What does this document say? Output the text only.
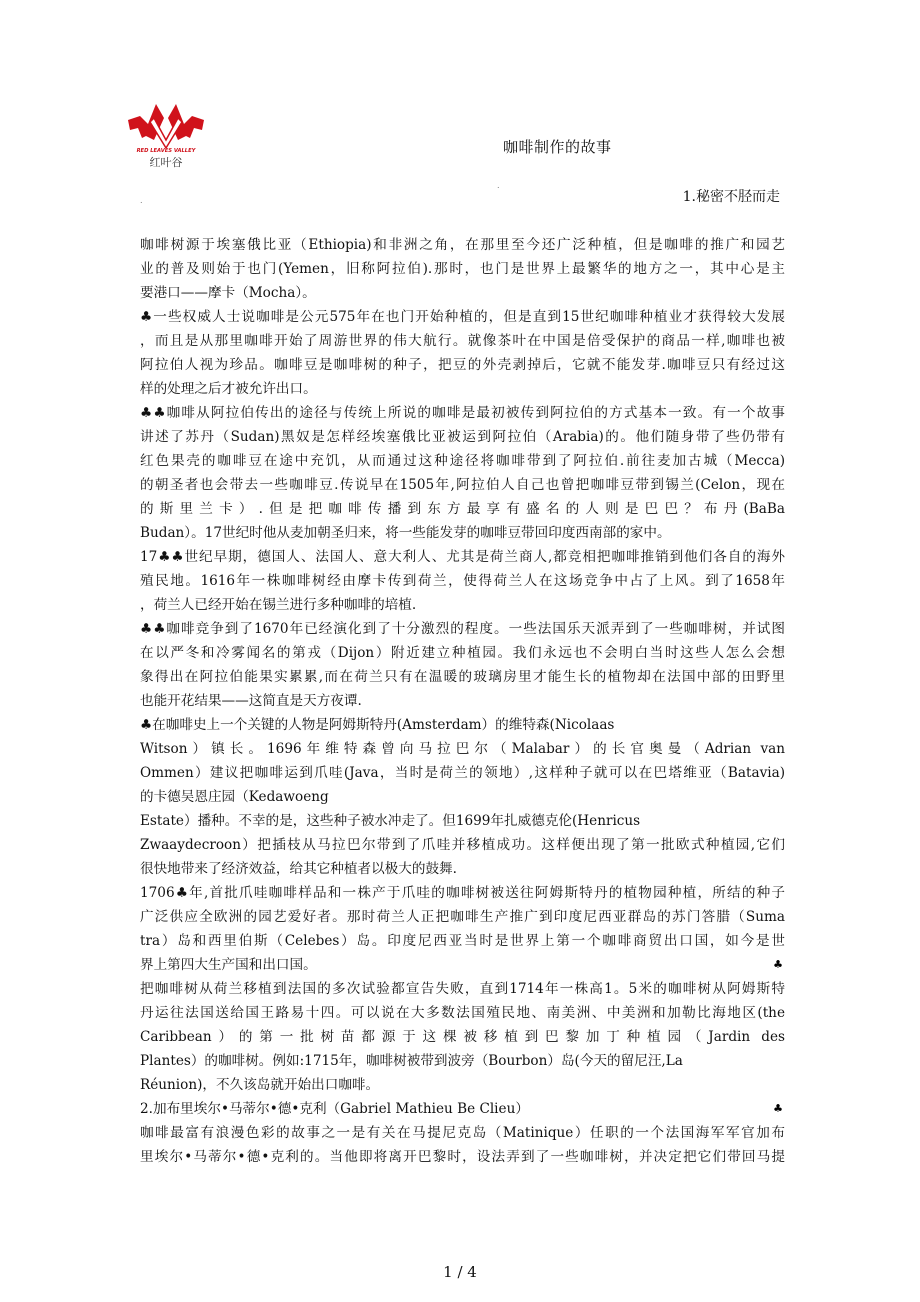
RED LEAVES VALLEY
红叶谷
咖啡制作的故事
.
.	1.秘密不胫而走
咖啡树源于埃塞俄比亚（Ethiopia)和非洲之角，在那里至今还广泛种植，但是咖啡的推广和园艺
业的普及则始于也门(Yemen，旧称阿拉伯).那时，也门是世界上最繁华的地方之一，其中心是主
要港口——摩卡（Mocha）。
♣一些权威人士说咖啡是公元575年在也门开始种植的，但是直到15世纪咖啡种植业才获得较大发展
，而且是从那里咖啡开始了周游世界的伟大航行。就像茶叶在中国是倍受保护的商品一样,咖啡也被
阿拉伯人视为珍品。咖啡豆是咖啡树的种子，把豆的外壳剥掉后，它就不能发芽.咖啡豆只有经过这
样的处理之后才被允许出口。
♣♣咖啡从阿拉伯传出的途径与传统上所说的咖啡是最初被传到阿拉伯的方式基本一致。有一个故事
讲述了苏丹（Sudan)黑奴是怎样经埃塞俄比亚被运到阿拉伯（Arabia)的。他们随身带了些仍带有
红色果壳的咖啡豆在途中充饥，从而通过这种途径将咖啡带到了阿拉伯.前往麦加古城（Mecca)
的朝圣者也会带去一些咖啡豆.传说早在1505年,阿拉伯人自己也曾把咖啡豆带到锡兰(Celon，现在
的斯里兰卡）.但是把咖啡传播到东方最享有盛名的人则是巴巴？布丹(BaBa
Budan）。17世纪时他从麦加朝圣归来，将一些能发芽的咖啡豆带回印度西南部的家中。
17♣♣世纪早期，德国人、法国人、意大利人、尤其是荷兰商人,都竞相把咖啡推销到他们各自的海外
殖民地。1616年一株咖啡树经由摩卡传到荷兰，使得荷兰人在这场竞争中占了上风。到了1658年
，荷兰人已经开始在锡兰进行多种咖啡的培植.
♣♣咖啡竞争到了1670年已经演化到了十分激烈的程度。一些法国乐天派弄到了一些咖啡树，并试图
在以严冬和冷雾闻名的第戎（Dijon）附近建立种植园。我们永远也不会明白当时这些人怎么会想
象得出在阿拉伯能果实累累,而在荷兰只有在温暖的玻璃房里才能生长的植物却在法国中部的田野里
也能开花结果——这简直是天方夜谭.
♣在咖啡史上一个关键的人物是阿姆斯特丹(Amsterdam）的维特森(Nicolaas
Witson）镇长。1696年维特森曾向马拉巴尔（Malabar）的长官奥曼（Adrian van
Ommen）建议把咖啡运到爪哇(Java，当时是荷兰的领地）,这样种子就可以在巴塔维亚（Batavia)
的卡德吴恩庄园（Kedawoeng
Estate）播种。不幸的是，这些种子被水冲走了。但1699年扎威德克伦(Henricus
Zwaaydecroon）把插枝从马拉巴尔带到了爪哇并移植成功。这样便出现了第一批欧式种植园,它们
很快地带来了经济效益，给其它种植者以极大的鼓舞.
1706♣年,首批爪哇咖啡样品和一株产于爪哇的咖啡树被送往阿姆斯特丹的植物园种植，所结的种子
广泛供应全欧洲的园艺爱好者。那时荷兰人正把咖啡生产推广到印度尼西亚群岛的苏门答腊（Suma
tra）岛和西里伯斯（Celebes）岛。印度尼西亚当时是世界上第一个咖啡商贸出口国，如今是世
界上第四大生产国和出口国。	♣
把咖啡树从荷兰移植到法国的多次试验都宣告失败，直到1714年一株高1。5米的咖啡树从阿姆斯特
丹运往法国送给国王路易十四。可以说在大多数法国殖民地、南美洲、中美洲和加勒比海地区(the
Caribbean）的第一批树苗都源于这棵被移植到巴黎加丁种植园（Jardin des
Plantes）的咖啡树。例如:1715年，咖啡树被带到波旁（Bourbon）岛(今天的留尼汪,La
Réunion)，不久该岛就开始出口咖啡。
2.加布里埃尔•马蒂尔•德•克利（Gabriel Mathieu Be Clieu）	♣
咖啡最富有浪漫色彩的故事之一是有关在马提尼克岛（Matinique）任职的一个法国海军军官加布
里埃尔•马蒂尔•德•克利的。当他即将离开巴黎时，设法弄到了一些咖啡树，并决定把它们带回马提
1 / 4
